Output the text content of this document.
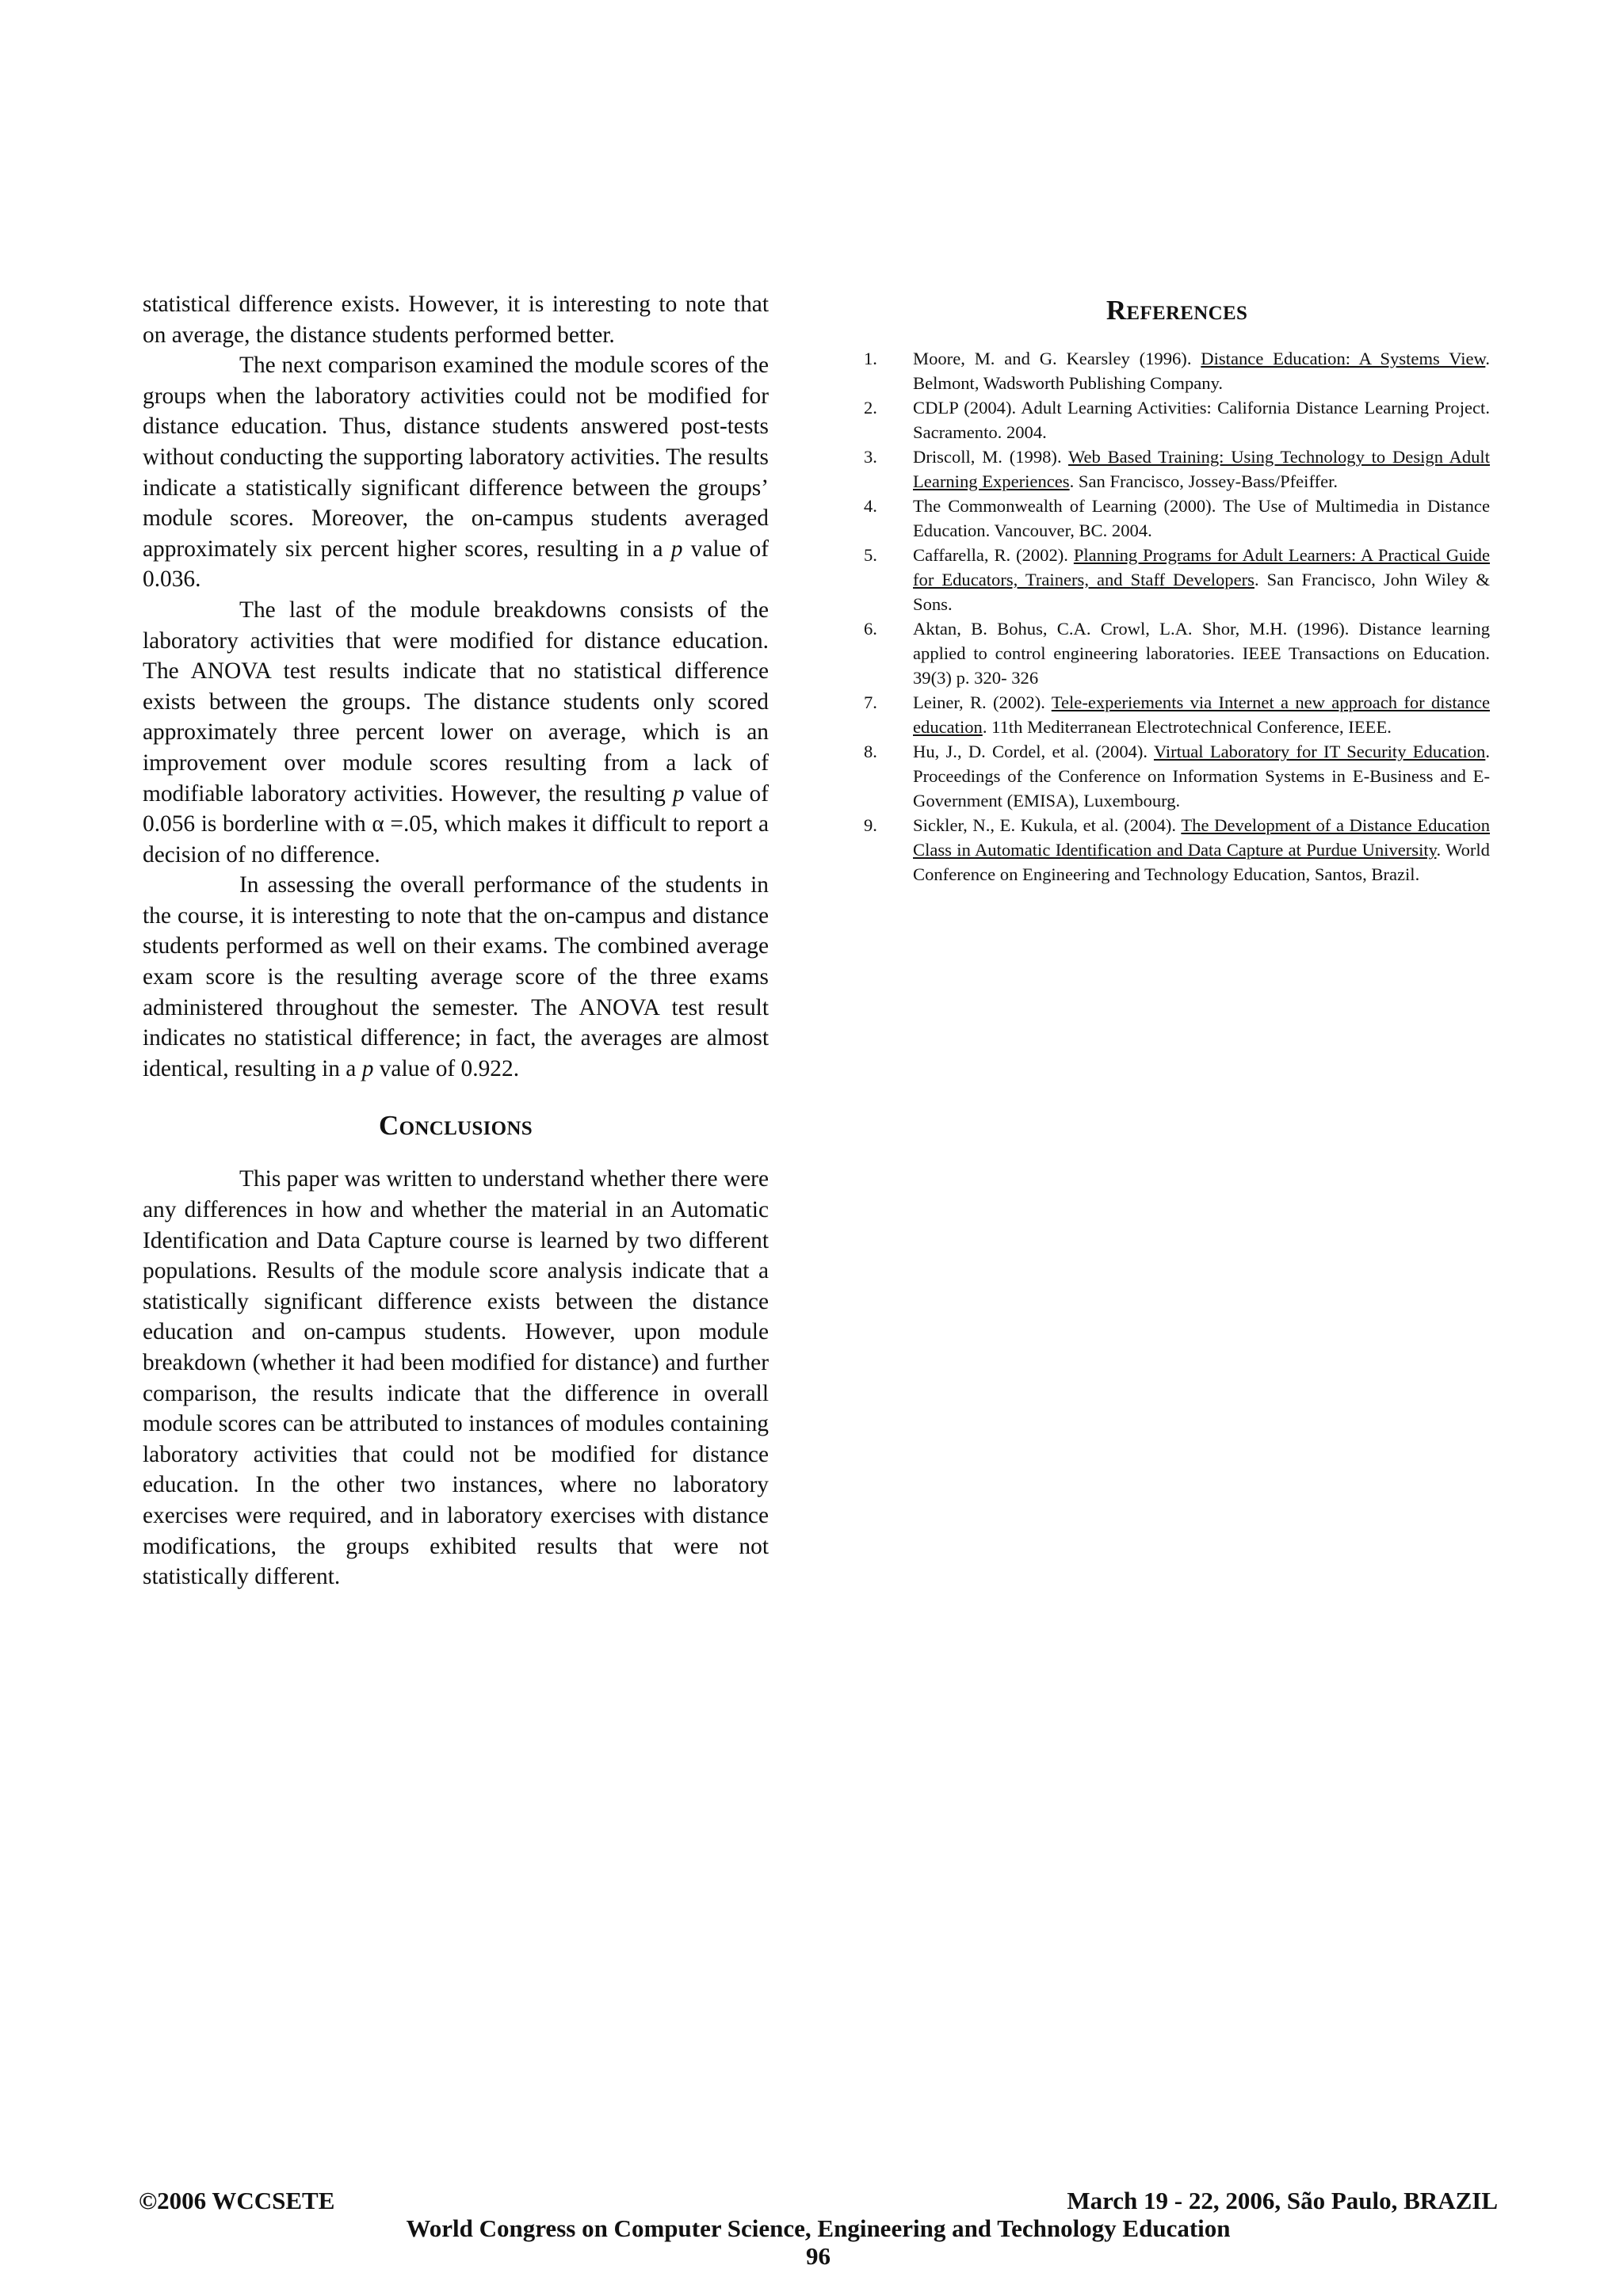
statistical difference exists. However, it is interesting to note that on average, the distance students performed better.

The next comparison examined the module scores of the groups when the laboratory activities could not be modified for distance education. Thus, distance students answered post-tests without conducting the supporting laboratory activities. The results indicate a statistically significant difference between the groups’ module scores. Moreover, the on-campus students averaged approximately six percent higher scores, resulting in a p value of 0.036.

The last of the module breakdowns consists of the laboratory activities that were modified for distance education. The ANOVA test results indicate that no statistical difference exists between the groups. The distance students only scored approximately three percent lower on average, which is an improvement over module scores resulting from a lack of modifiable laboratory activities. However, the resulting p value of 0.056 is borderline with α =.05, which makes it difficult to report a decision of no difference.

In assessing the overall performance of the students in the course, it is interesting to note that the on-campus and distance students performed as well on their exams. The combined average exam score is the resulting average score of the three exams administered throughout the semester. The ANOVA test result indicates no statistical difference; in fact, the averages are almost identical, resulting in a p value of 0.922.

Conclusions

This paper was written to understand whether there were any differences in how and whether the material in an Automatic Identification and Data Capture course is learned by two different populations. Results of the module score analysis indicate that a statistically significant difference exists between the distance education and on-campus students. However, upon module breakdown (whether it had been modified for distance) and further comparison, the results indicate that the difference in overall module scores can be attributed to instances of modules containing laboratory activities that could not be modified for distance education. In the other two instances, where no laboratory exercises were required, and in laboratory exercises with distance modifications, the groups exhibited results that were not statistically different.

References
1. Moore, M. and G. Kearsley (1996). Distance Education: A Systems View. Belmont, Wadsworth Publishing Company.
2. CDLP (2004). Adult Learning Activities: California Distance Learning Project. Sacramento. 2004.
3. Driscoll, M. (1998). Web Based Training: Using Technology to Design Adult Learning Experiences. San Francisco, Jossey-Bass/Pfeiffer.
4. The Commonwealth of Learning (2000). The Use of Multimedia in Distance Education. Vancouver, BC. 2004.
5. Caffarella, R. (2002). Planning Programs for Adult Learners: A Practical Guide for Educators, Trainers, and Staff Developers. San Francisco, John Wiley & Sons.
6. Aktan, B. Bohus, C.A. Crowl, L.A. Shor, M.H. (1996). Distance learning applied to control engineering laboratories. IEEE Transactions on Education. 39(3) p. 320- 326
7. Leiner, R. (2002). Tele-experiements via Internet a new approach for distance education. 11th Mediterranean Electrotechnical Conference, IEEE.
8. Hu, J., D. Cordel, et al. (2004). Virtual Laboratory for IT Security Education. Proceedings of the Conference on Information Systems in E-Business and E-Government (EMISA), Luxembourg.
9. Sickler, N., E. Kukula, et al. (2004). The Development of a Distance Education Class in Automatic Identification and Data Capture at Purdue University. World Conference on Engineering and Technology Education, Santos, Brazil.
©2006 WCCSETE	March 19 - 22, 2006, São Paulo, BRAZIL
World Congress on Computer Science, Engineering and Technology Education
96
